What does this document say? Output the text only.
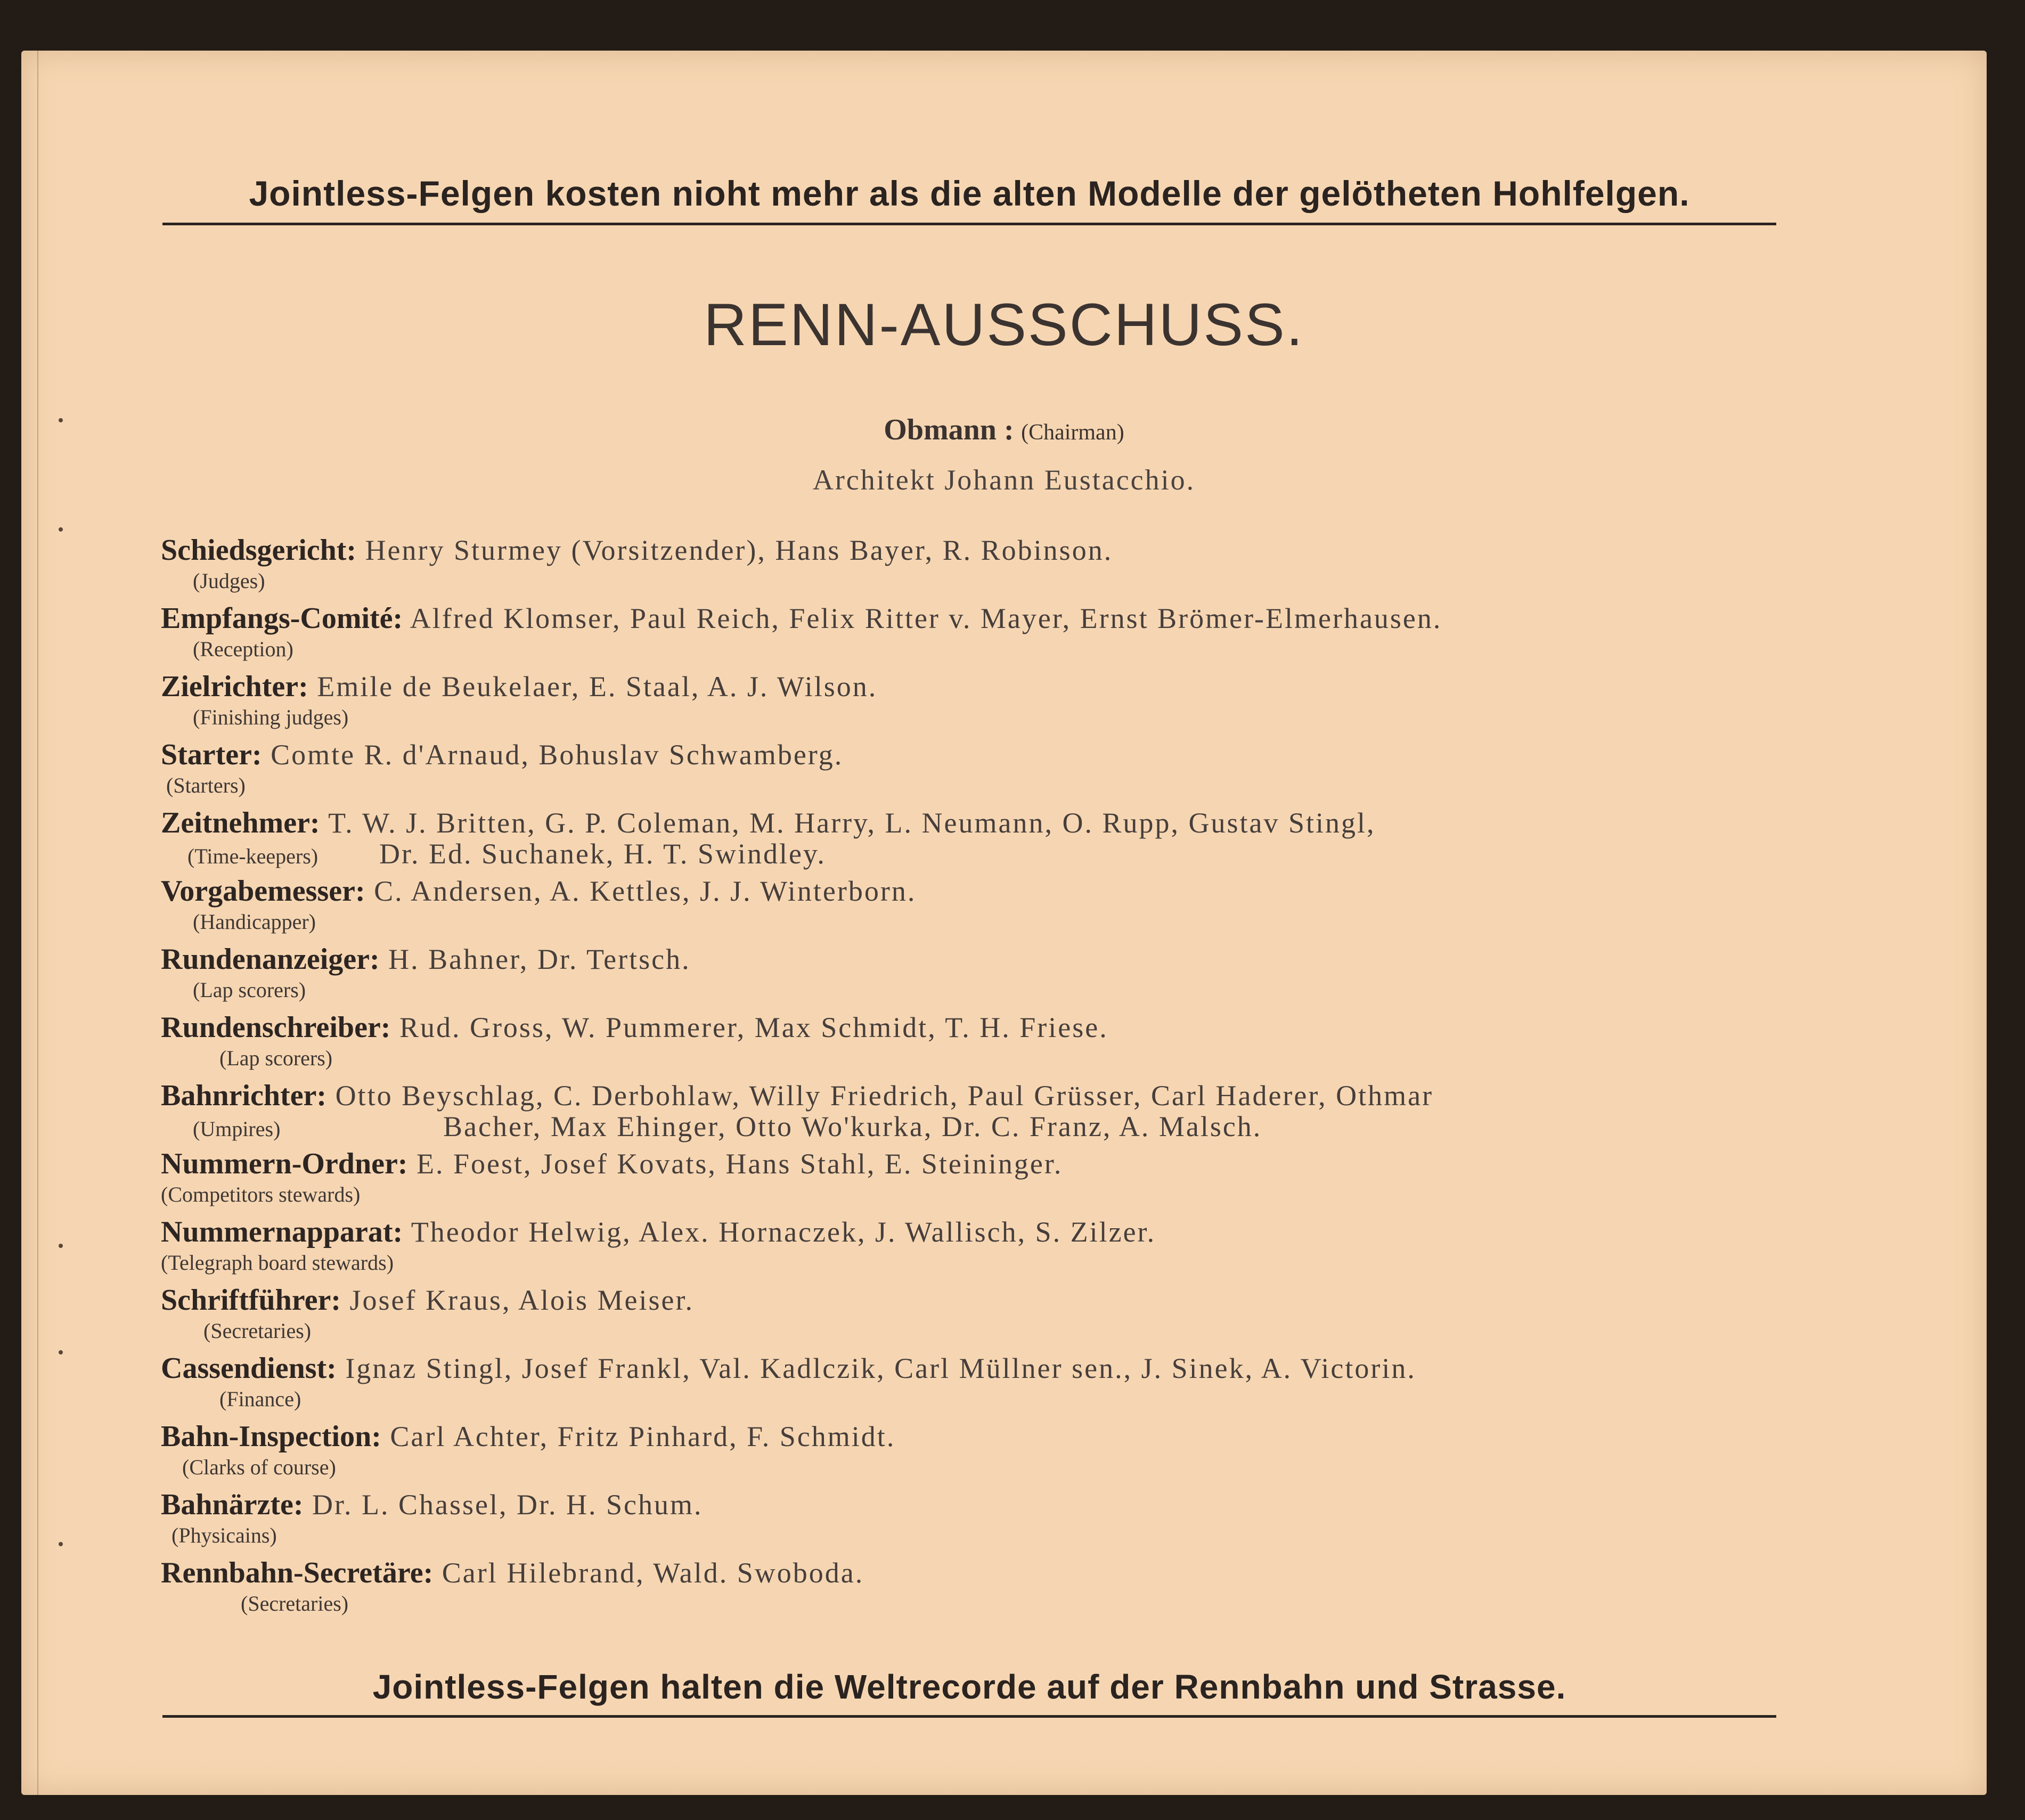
Jointless-Felgen kosten nioht mehr als die alten Modelle der gelötheten Hohlfelgen.
RENN-AUSSCHUSS.
Obmann : (Chairman)
Architekt Johann Eustacchio.
Schiedsgericht: Henry Sturmey (Vorsitzender), Hans Bayer, R. Robinson.
(Judges)
Empfangs-Comité: Alfred Klomser, Paul Reich, Felix Ritter v. Mayer, Ernst Brömer-Elmerhausen.
(Reception)
Zielrichter: Emile de Beukelaer, E. Staal, A. J. Wilson.
(Finishing judges)
Starter: Comte R. d'Arnaud, Bohuslav Schwamberg.
(Starters)
Zeitnehmer: T. W. J. Britten, G. P. Coleman, M. Harry, L. Neumann, O. Rupp, Gustav Stingl,
(Time-keepers) Dr. Ed. Suchanek, H. T. Swindley.
Vorgabemesser: C. Andersen, A. Kettles, J. J. Winterborn.
(Handicapper)
Rundenanzeiger: H. Bahner, Dr. Tertsch.
(Lap scorers)
Rundenschreiber: Rud. Gross, W. Pummerer, Max Schmidt, T. H. Friese.
(Lap scorers)
Bahnrichter: Otto Beyschlag, C. Derbohlaw, Willy Friedrich, Paul Grüsser, Carl Haderer, Othmar
(Umpires)	Bacher, Max Ehinger, Otto Wo'kurka, Dr. C. Franz, A. Malsch.
Nummern-Ordner: E. Foest, Josef Kovats, Hans Stahl, E. Steininger.
(Competitors stewards)
Nummernapparat: Theodor Helwig, Alex. Hornaczek, J. Wallisch, S. Zilzer.
(Telegraph board stewards)
Schriftführer: Josef Kraus, Alois Meiser.
(Secretaries)
Cassendienst: Ignaz Stingl, Josef Frankl, Val. Kadlczik, Carl Müllner sen., J. Sinek, A. Victorin.
(Finance)
Bahn-Inspection: Carl Achter, Fritz Pinhard, F. Schmidt.
(Clarks of course)
Bahnärzte: Dr. L. Chassel, Dr. H. Schum.
(Physicains)
Rennbahn-Secretäre: Carl Hilebrand, Wald. Swoboda.
(Secretaries)
Jointless-Felgen halten die Weltrecorde auf der Rennbahn und Strasse.
